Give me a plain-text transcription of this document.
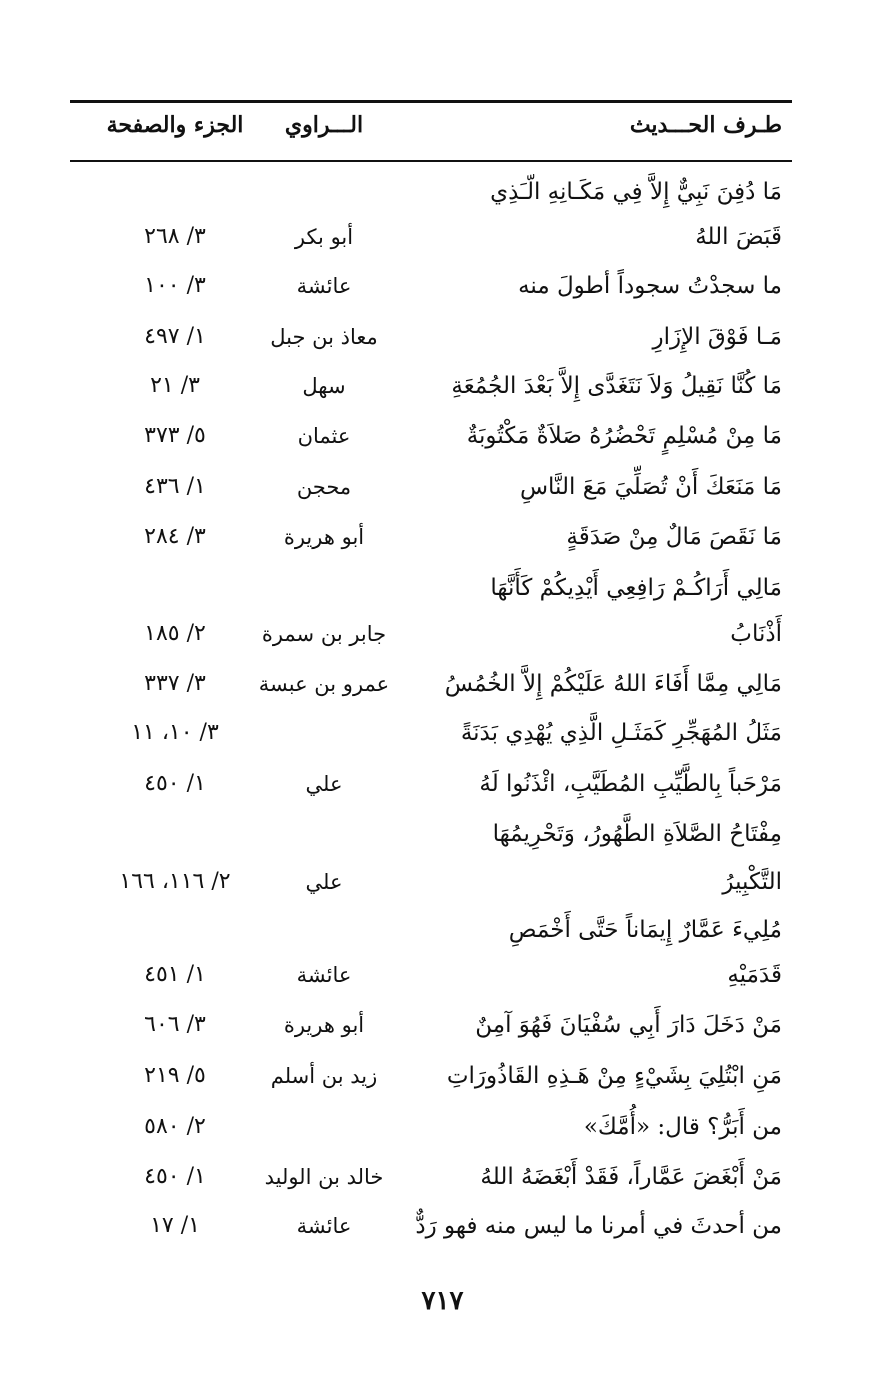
طـرف الحـــديث
الـــراوي
الجزء والصفحة
مَا دُفِنَ نَبِيٌّ إِلاَّ فِي مَكَـانِهِ الّـَذِي
قَبَضَ اللهُ
أبو بكر
٣/ ٢٦٨
ما سجدْتُ سجوداً أطولَ منه
عائشة
٣/ ١٠٠
مَـا فَوْقَ الإِزَارِ
معاذ بن جبل
١/ ٤٩٧
مَا كُنَّا نَقِيلُ وَلاَ نَتَغَدَّى إِلاَّ بَعْدَ الجُمُعَةِ
سهل
٣/ ٢١
مَا مِنْ مُسْلِمٍ تَحْضُرُهُ صَلاَةٌ مَكْتُوبَةٌ
عثمان
٥/ ٣٧٣
مَا مَنَعَكَ أَنْ تُصَلِّيَ مَعَ النَّاسِ
محجن
١/ ٤٣٦
مَا نَقَصَ مَالٌ مِنْ صَدَقَةٍ
أبو هريرة
٣/ ٢٨٤
مَالِي أَرَاكُـمْ رَافِعِي أَيْدِيكُمْ كَأَنَّهَا
أَذْنَابُ
جابر بن سمرة
٢/ ١٨٥
مَالِي مِمَّا أَفَاءَ اللهُ عَلَيْكُمْ إِلاَّ الخُمُسُ
عمرو بن عبسة
٣/ ٣٣٧
مَثَلُ المُهَجِّرِ كَمَثَـلِ الَّذِي يُهْدِي بَدَنَةً
٣/ ١٠، ١١
مَرْحَباً بِالطَّيِّبِ المُطَيَّبِ، ائْذَنُوا لَهُ
علي
١/ ٤٥٠
مِفْتَاحُ الصَّلاَةِ الطَّهُورُ، وَتَحْرِيمُهَا
التَّكْبِيرُ
علي
٢/ ١١٦، ١٦٦
مُلِيءَ عَمَّارٌ إِيمَاناً حَتَّى أَخْمَصِ
قَدَمَيْهِ
عائشة
١/ ٤٥١
مَنْ دَخَلَ دَارَ أَبِي سُفْيَانَ فَهُوَ آمِنٌ
أبو هريرة
٣/ ٦٠٦
مَنِ ابْتُلِيَ بِشَيْءٍ مِنْ هَـذِهِ القَاذُورَاتِ
زيد بن أسلم
٥/ ٢١٩
من أَبَرُّ؟ قال: «أُمَّكَ»
٢/ ٥٨٠
مَنْ أَبْغَضَ عَمَّاراً، فَقَدْ أَبْغَضَهُ اللهُ
خالد بن الوليد
١/ ٤٥٠
من أحدثَ في أمرنا ما ليس منه فهو رَدٌّ
عائشة
١/ ١٧
٧١٧
